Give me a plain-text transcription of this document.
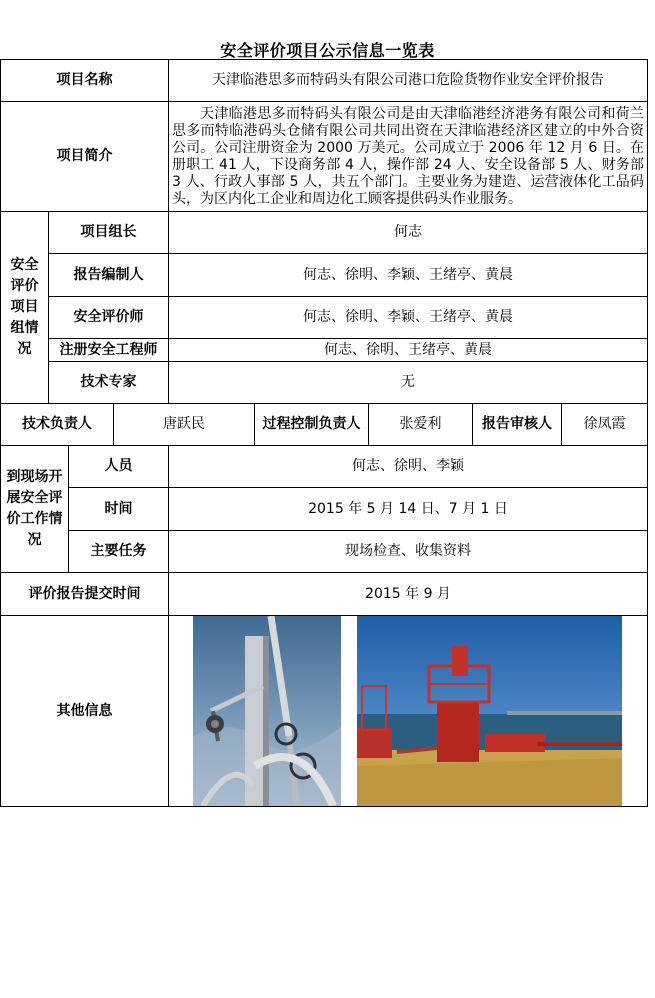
安全评价项目公示信息一览表
项目名称				天津临港思多而特码头有限公司港口危险货物作业安全评价报告				
项目简介				天津临港思多而特码头有限公司是由天津临港经济港务有限公司和荷兰思多而特临港码头仓储有限公司共同出资在天津临港经济区建立的中外合资公司。公司注册资金为 2000 万美元。公司成立于 2006 年 12 月 6 日。在册职工 41 人，下设商务部 4 人，操作部 24 人、安全设备部 5 人、财务部 3 人、行政人事部 5 人，共五个部门。主要业务为建造、运营液体化工品码头，为区内化工企业和周边化工顾客提供码头作业服务。				
安全评价项目组情况	项目组长			何志				
	报告编制人			何志、徐明、李颖、王绪亭、黄晨				
	安全评价师			何志、徐明、李颖、王绪亭、黄晨				
	注册安全工程师			何志、徐明、王绪亭、黄晨				
	技术专家			无				
技术负责人			唐跃民		过程控制负责人	张爱利	报告审核人	徐凤霞
到现场开展安全评价工作情况		人员		何志、徐明、李颖				
		时间		2015 年 5 月 14 日、7 月 1 日				
		主要任务		现场检查、收集资料				
评价报告提交时间				2015 年 9 月				
其他信息	
